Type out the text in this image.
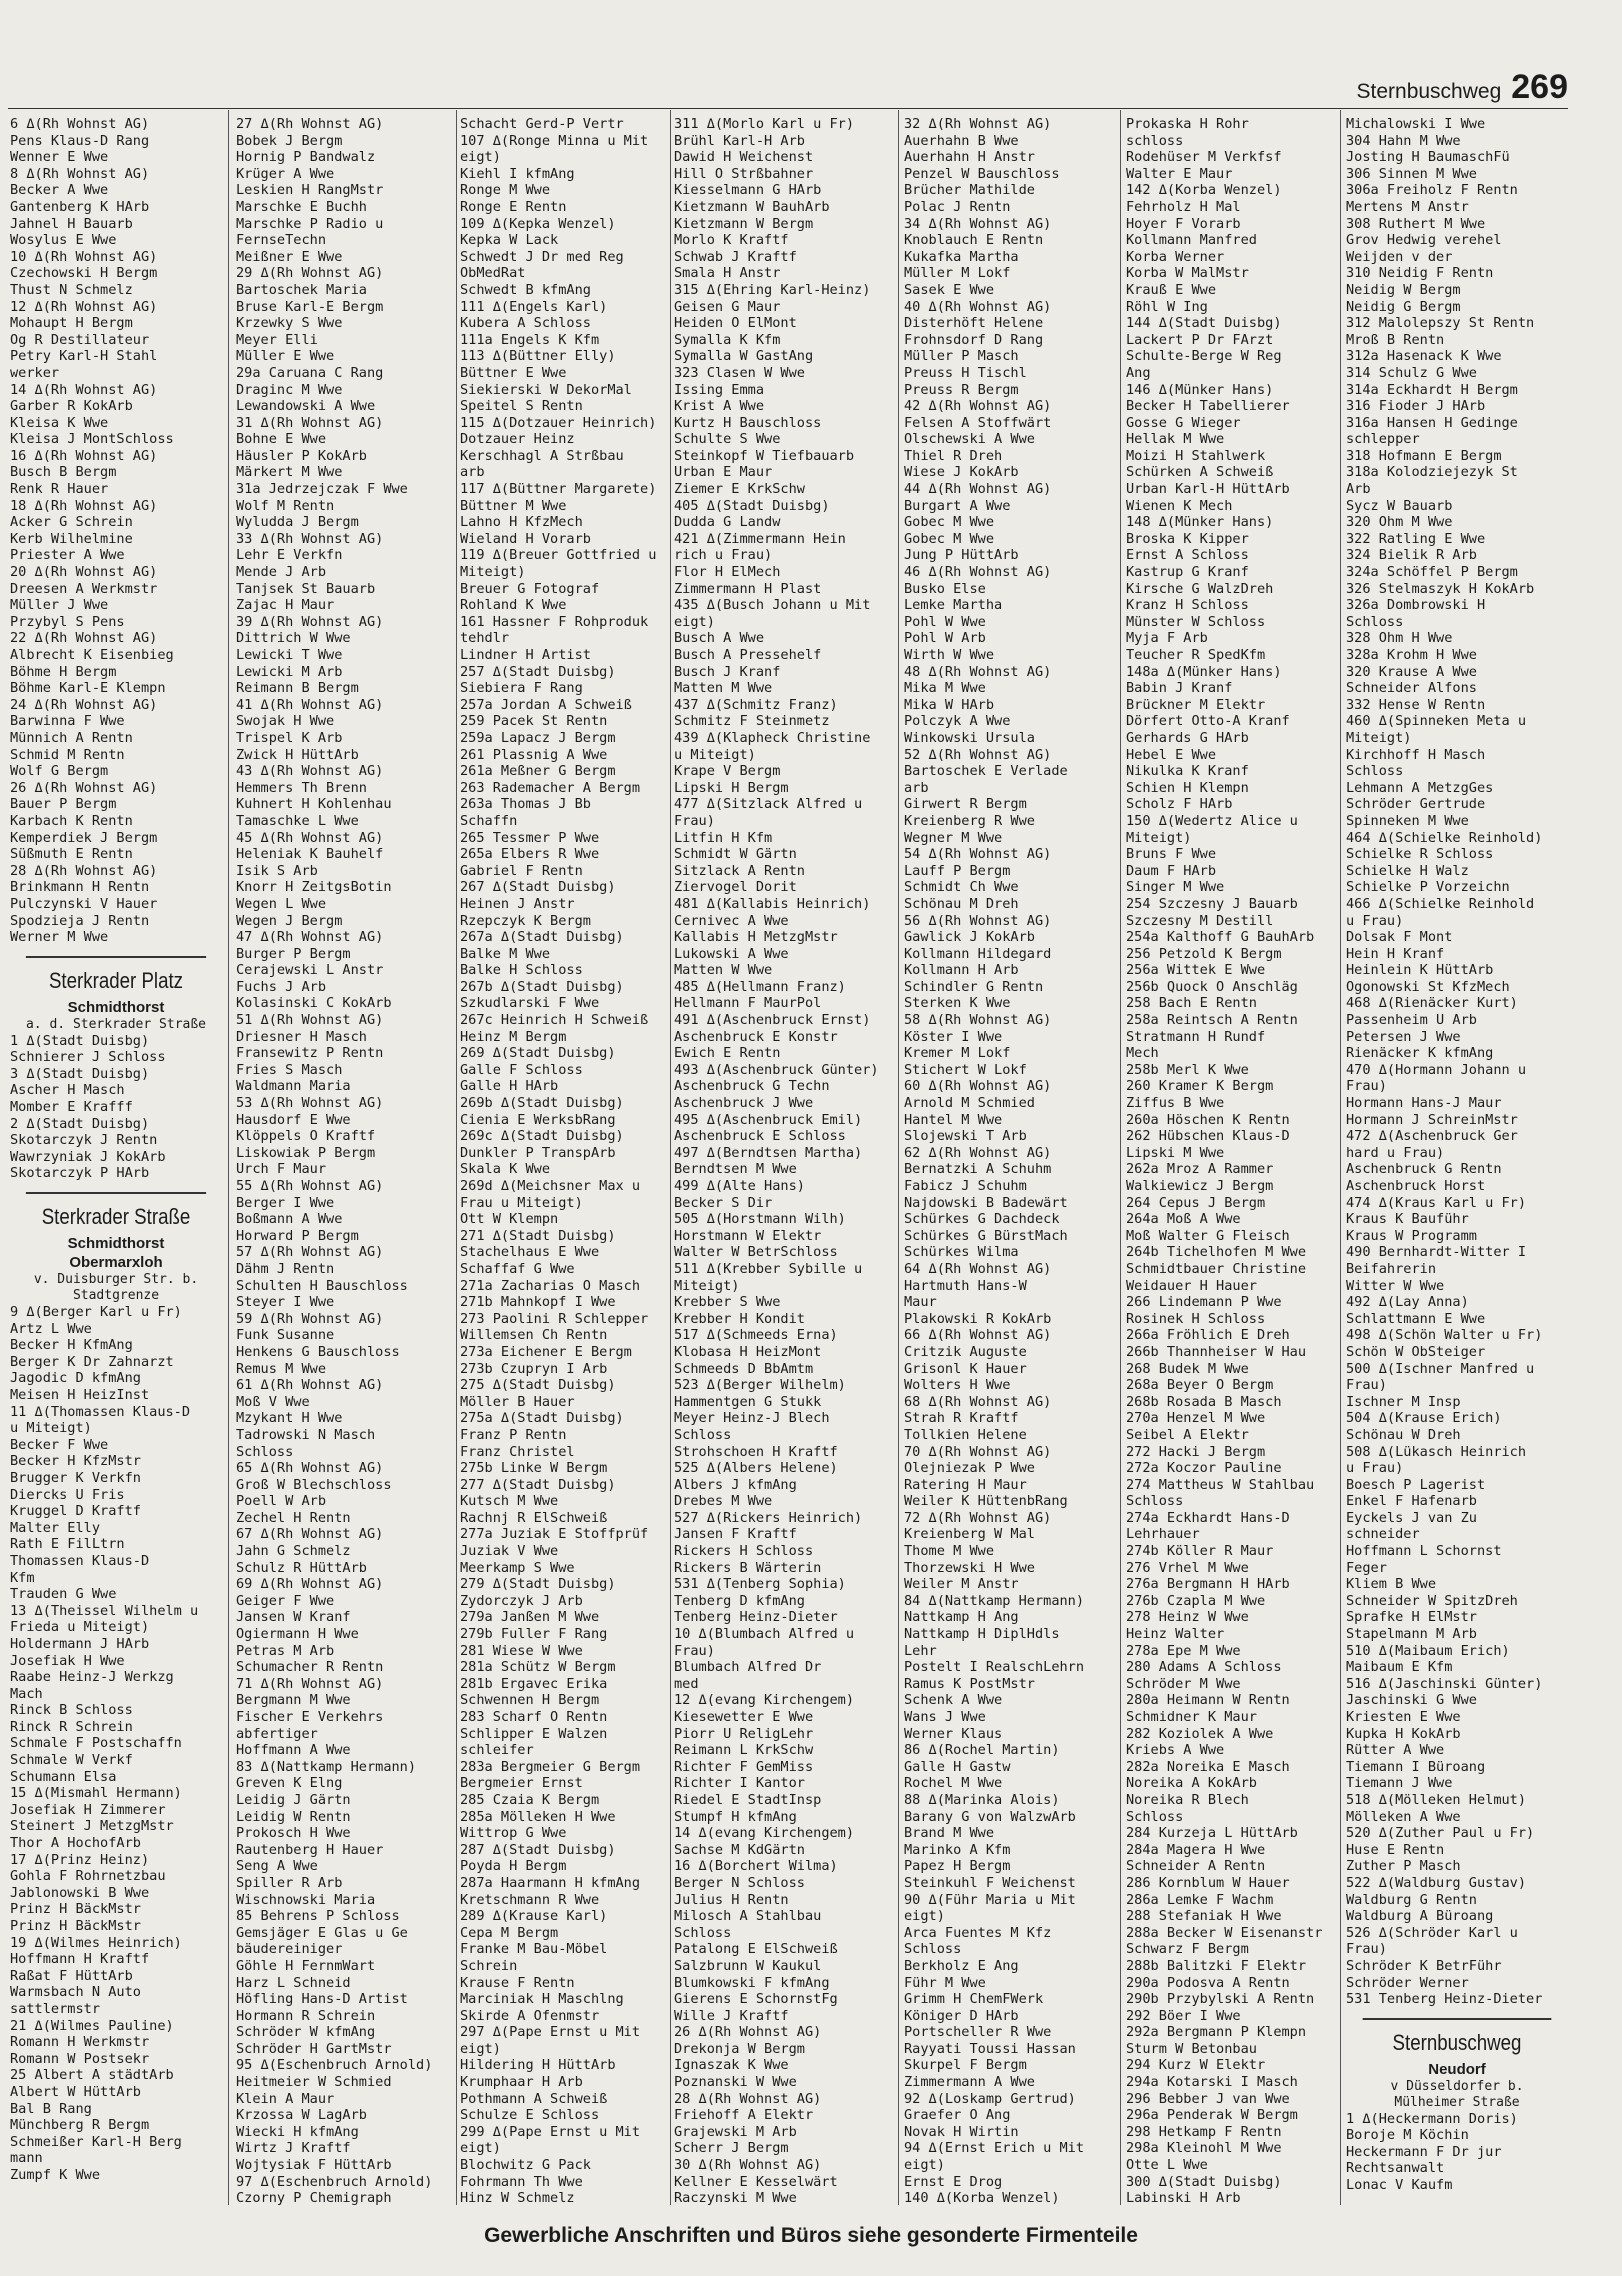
Sternbuschweg 269
6 Δ(Rh Wohnst AG)
Pens Klaus-D Rang
Wenner E Wwe
8 Δ(Rh Wohnst AG)
Becker A Wwe
Gantenberg K HArb
Jahnel H Bauarb
Wosylus E Wwe
10 Δ(Rh Wohnst AG)
Czechowski H Bergm
Thust N Schmelz
12 Δ(Rh Wohnst AG)
Mohaupt H Bergm
Og R Destillateur
Petry Karl-H Stahl
werker
14 Δ(Rh Wohnst AG)
Garber R KokArb
Kleisa K Wwe
Kleisa J MontSchloss
16 Δ(Rh Wohnst AG)
Busch B Bergm
Renk R Hauer
18 Δ(Rh Wohnst AG)
Acker G Schrein
Kerb Wilhelmine
Priester A Wwe
20 Δ(Rh Wohnst AG)
Dreesen A Werkmstr
Müller J Wwe
Przybyl S Pens
22 Δ(Rh Wohnst AG)
Albrecht K Eisenbieg
Böhme H Bergm
Böhme Karl-E Klempn
24 Δ(Rh Wohnst AG)
Barwinna F Wwe
Münnich A Rentn
Schmid M Rentn
Wolf G Bergm
26 Δ(Rh Wohnst AG)
Bauer P Bergm
Karbach K Rentn
Kemperdiek J Bergm
Süßmuth E Rentn
28 Δ(Rh Wohnst AG)
Brinkmann H Rentn
Pulczynski V Hauer
Spodzieja J Rentn
Werner M Wwe
Sterkrader Platz
Schmidthorst
a. d. Sterkrader Straße
1 Δ(Stadt Duisbg)
Schnierer J Schloss
3 Δ(Stadt Duisbg)
Ascher H Masch
Momber E Krafff
2 Δ(Stadt Duisbg)
Skotarczyk J Rentn
Wawrzyniak J KokArb
Skotarczyk P HArb
Sterkrader Straße
Schmidthorst
Obermarxloh
v. Duisburger Str. b.
Stadtgrenze
9 Δ(Berger Karl u Fr)
Artz L Wwe
Becker H KfmAng
Berger K Dr Zahnarzt
Jagodic D kfmAng
Meisen H HeizInst
11 Δ(Thomassen Klaus-D
u Miteigt)
Becker F Wwe
Becker H KfzMstr
Brugger K Verkfn
Diercks U Fris
Kruggel D Kraftf
Malter Elly
Rath E FilLtrn
Thomassen Klaus-D
Kfm
Trauden G Wwe
13 Δ(Theissel Wilhelm u
Frieda u Miteigt)
Holdermann J HArb
Josefiak H Wwe
Raabe Heinz-J Werkzg
Mach
Rinck B Schloss
Rinck R Schrein
Schmale F Postschaffn
Schmale W Verkf
Schumann Elsa
15 Δ(Mismahl Hermann)
Josefiak H Zimmerer
Steinert J MetzgMstr
Thor A HochofArb
17 Δ(Prinz Heinz)
Gohla F Rohrnetzbau
Jablonowski B Wwe
Prinz H BäckMstr
Prinz H BäckMstr
19 Δ(Wilmes Heinrich)
Hoffmann H Kraftf
Raßat F HüttArb
Warmsbach N Auto
sattlermstr
21 Δ(Wilmes Pauline)
Romann H Werkmstr
Romann W Postsekr
25 Albert A städtArb
Albert W HüttArb
Bal B Rang
Münchberg R Bergm
Schmeißer Karl-H Berg
mann
Zumpf K Wwe
27 Δ(Rh Wohnst AG)
Bobek J Bergm
Hornig P Bandwalz
Krüger A Wwe
Leskien H RangMstr
Marschke E Buchh
Marschke P Radio u
FernseTechn
Meißner E Wwe
29 Δ(Rh Wohnst AG)
Bartoschek Maria
Bruse Karl-E Bergm
Krzewky S Wwe
Meyer Elli
Müller E Wwe
29a Caruana C Rang
Draginc M Wwe
Lewandowski A Wwe
31 Δ(Rh Wohnst AG)
Bohne E Wwe
Häusler P KokArb
Märkert M Wwe
31a Jedrzejczak F Wwe
Wolf M Rentn
Wyludda J Bergm
33 Δ(Rh Wohnst AG)
Lehr E Verkfn
Mende J Arb
Tanjsek St Bauarb
Zajac H Maur
39 Δ(Rh Wohnst AG)
Dittrich W Wwe
Lewicki T Wwe
Lewicki M Arb
Reimann B Bergm
41 Δ(Rh Wohnst AG)
Swojak H Wwe
Trispel K Arb
Zwick H HüttArb
43 Δ(Rh Wohnst AG)
Hemmers Th Brenn
Kuhnert H Kohlenhau
Tamaschke L Wwe
45 Δ(Rh Wohnst AG)
Heleniak K Bauhelf
Isik S Arb
Knorr H ZeitgsBotin
Wegen L Wwe
Wegen J Bergm
47 Δ(Rh Wohnst AG)
Burger P Bergm
Cerajewski L Anstr
Fuchs J Arb
Kolasinski C KokArb
51 Δ(Rh Wohnst AG)
Driesner H Masch
Fransewitz P Rentn
Fries S Masch
Waldmann Maria
53 Δ(Rh Wohnst AG)
Hausdorf E Wwe
Klöppels O Kraftf
Liskowiak P Bergm
Urch F Maur
55 Δ(Rh Wohnst AG)
Berger I Wwe
Boßmann A Wwe
Horward P Bergm
57 Δ(Rh Wohnst AG)
Dähm J Rentn
Schulten H Bauschloss
Steyer I Wwe
59 Δ(Rh Wohnst AG)
Funk Susanne
Henkens G Bauschloss
Remus M Wwe
61 Δ(Rh Wohnst AG)
Moß V Wwe
Mzykant H Wwe
Tadrowski N Masch
Schloss
65 Δ(Rh Wohnst AG)
Groß W Blechschloss
Poell W Arb
Zechel H Rentn
67 Δ(Rh Wohnst AG)
Jahn G Schmelz
Schulz R HüttArb
69 Δ(Rh Wohnst AG)
Geiger F Wwe
Jansen W Kranf
Ogiermann H Wwe
Petras M Arb
Schumacher R Rentn
71 Δ(Rh Wohnst AG)
Bergmann M Wwe
Fischer E Verkehrs
abfertiger
Hoffmann A Wwe
83 Δ(Nattkamp Hermann)
Greven K Elng
Leidig J Gärtn
Leidig W Rentn
Prokosch H Wwe
Rautenberg H Hauer
Seng A Wwe
Spiller R Arb
Wischnowski Maria
85 Behrens P Schloss
Gemsjäger E Glas u Ge
bäudereiniger
Göhle H FernmWart
Harz L Schneid
Höfling Hans-D Artist
Hormann R Schrein
Schröder W kfmAng
Schröder H GartMstr
95 Δ(Eschenbruch Arnold)
Heitmeier W Schmied
Klein A Maur
Krzossa W LagArb
Wiecki H kfmAng
Wirtz J Kraftf
Wojtysiak F HüttArb
97 Δ(Eschenbruch Arnold)
Czorny P Chemigraph
Schacht Gerd-P Vertr
107 Δ(Ronge Minna u Mit
eigt)
Kiehl I kfmAng
Ronge M Wwe
Ronge E Rentn
109 Δ(Kepka Wenzel)
Kepka W Lack
Schwedt J Dr med Reg
ObMedRat
Schwedt B kfmAng
111 Δ(Engels Karl)
Kubera A Schloss
111a Engels K Kfm
113 Δ(Büttner Elly)
Büttner E Wwe
Siekierski W DekorMal
Speitel S Rentn
115 Δ(Dotzauer Heinrich)
Dotzauer Heinz
Kerschhagl A Strßbau
arb
117 Δ(Büttner Margarete)
Büttner M Wwe
Lahno H KfzMech
Wieland H Vorarb
119 Δ(Breuer Gottfried u
Miteigt)
Breuer G Fotograf
Rohland K Wwe
161 Hassner F Rohproduk
tehdlr
Lindner H Artist
257 Δ(Stadt Duisbg)
Siebiera F Rang
257a Jordan A Schweiß
259 Pacek St Rentn
259a Lapacz J Bergm
261 Plassnig A Wwe
261a Meßner G Bergm
263 Rademacher A Bergm
263a Thomas J Bb
Schaffn
265 Tessmer P Wwe
265a Elbers R Wwe
Gabriel F Rentn
267 Δ(Stadt Duisbg)
Heinen J Anstr
Rzepczyk K Bergm
267a Δ(Stadt Duisbg)
Balke M Wwe
Balke H Schloss
267b Δ(Stadt Duisbg)
Szkudlarski F Wwe
267c Heinrich H Schweiß
Heinz M Bergm
269 Δ(Stadt Duisbg)
Galle F Schloss
Galle H HArb
269b Δ(Stadt Duisbg)
Cienia E WerksbRang
269c Δ(Stadt Duisbg)
Dunkler P TranspArb
Skala K Wwe
269d Δ(Meichsner Max u
Frau u Miteigt)
Ott W Klempn
271 Δ(Stadt Duisbg)
Stachelhaus E Wwe
Schaffaf G Wwe
271a Zacharias O Masch
271b Mahnkopf I Wwe
273 Paolini R Schlepper
Willemsen Ch Rentn
273a Eichener E Bergm
273b Czupryn I Arb
275 Δ(Stadt Duisbg)
Möller B Hauer
275a Δ(Stadt Duisbg)
Franz P Rentn
Franz Christel
275b Linke W Bergm
277 Δ(Stadt Duisbg)
Kutsch M Wwe
Rachnj R ElSchweiß
277a Juziak E Stoffprüf
Juziak V Wwe
Meerkamp S Wwe
279 Δ(Stadt Duisbg)
Zydorczyk J Arb
279a Janßen M Wwe
279b Fuller F Rang
281 Wiese W Wwe
281a Schütz W Bergm
281b Ergavec Erika
Schwennen H Bergm
283 Scharf O Rentn
Schlipper E Walzen
schleifer
283a Bergmeier G Bergm
Bergmeier Ernst
285 Czaia K Bergm
285a Mölleken H Wwe
Wittrop G Wwe
287 Δ(Stadt Duisbg)
Poyda H Bergm
287a Haarmann H kfmAng
Kretschmann R Wwe
289 Δ(Krause Karl)
Cepa M Bergm
Franke M Bau-Möbel
Schrein
Krause F Rentn
Marciniak H Maschlng
Skirde A Ofenmstr
297 Δ(Pape Ernst u Mit
eigt)
Hildering H HüttArb
Krumphaar H Arb
Pothmann A Schweiß
Schulze E Schloss
299 Δ(Pape Ernst u Mit
eigt)
Blochwitz G Pack
Fohrmann Th Wwe
Hinz W Schmelz
311 Δ(Morlo Karl u Fr)
Brühl Karl-H Arb
Dawid H Weichenst
Hill O Strßbahner
Kiesselmann G HArb
Kietzmann W BauhArb
Kietzmann W Bergm
Morlo K Kraftf
Schwab J Kraftf
Smala H Anstr
315 Δ(Ehring Karl-Heinz)
Geisen G Maur
Heiden O ElMont
Symalla K Kfm
Symalla W GastAng
323 Clasen W Wwe
Issing Emma
Krist A Wwe
Kurtz H Bauschloss
Schulte S Wwe
Steinkopf W Tiefbauarb
Urban E Maur
Ziemer E KrkSchw
405 Δ(Stadt Duisbg)
Dudda G Landw
421 Δ(Zimmermann Hein
rich u Frau)
Flor H ElMech
Zimmermann H Plast
435 Δ(Busch Johann u Mit
eigt)
Busch A Wwe
Busch A Pressehelf
Busch J Kranf
Matten M Wwe
437 Δ(Schmitz Franz)
Schmitz F Steinmetz
439 Δ(Klapheck Christine
u Miteigt)
Krape V Bergm
Lipski H Bergm
477 Δ(Sitzlack Alfred u
Frau)
Litfin H Kfm
Schmidt W Gärtn
Sitzlack A Rentn
Ziervogel Dorit
481 Δ(Kallabis Heinrich)
Cernivec A Wwe
Kallabis H MetzgMstr
Lukowski A Wwe
Matten W Wwe
485 Δ(Hellmann Franz)
Hellmann F MaurPol
491 Δ(Aschenbruck Ernst)
Aschenbruck E Konstr
Ewich E Rentn
493 Δ(Aschenbruck Günter)
Aschenbruck G Techn
Aschenbruck J Wwe
495 Δ(Aschenbruck Emil)
Aschenbruck E Schloss
497 Δ(Berndtsen Martha)
Berndtsen M Wwe
499 Δ(Alte Hans)
Becker S Dir
505 Δ(Horstmann Wilh)
Horstmann W Elektr
Walter W BetrSchloss
511 Δ(Krebber Sybille u
Miteigt)
Krebber S Wwe
Krebber H Kondit
517 Δ(Schmeeds Erna)
Klobasa H HeizMont
Schmeeds D BbAmtm
523 Δ(Berger Wilhelm)
Hammentgen G Stukk
Meyer Heinz-J Blech
Schloss
Strohschoen H Kraftf
525 Δ(Albers Helene)
Albers J kfmAng
Drebes M Wwe
527 Δ(Rickers Heinrich)
Jansen F Kraftf
Rickers H Schloss
Rickers B Wärterin
531 Δ(Tenberg Sophia)
Tenberg D kfmAng
Tenberg Heinz-Dieter
10 Δ(Blumbach Alfred u
Frau)
Blumbach Alfred Dr
med
12 Δ(evang Kirchengem)
Kiesewetter E Wwe
Piorr U ReligLehr
Reimann L KrkSchw
Richter F GemMiss
Richter I Kantor
Riedel E StadtInsp
Stumpf H kfmAng
14 Δ(evang Kirchengem)
Sachse M KdGärtn
16 Δ(Borchert Wilma)
Berger N Schloss
Julius H Rentn
Milosch A Stahlbau
Schloss
Patalong E ElSchweiß
Salzbrunn W Kaukul
Blumkowski F kfmAng
Gierens E SchornstFg
Wille J Kraftf
26 Δ(Rh Wohnst AG)
Drekonja W Bergm
Ignaszak K Wwe
Poznanski W Wwe
28 Δ(Rh Wohnst AG)
Friehoff A Elektr
Grajewski M Arb
Scherr J Bergm
30 Δ(Rh Wohnst AG)
Kellner E Kesselwärt
Raczynski M Wwe
32 Δ(Rh Wohnst AG)
Auerhahn B Wwe
Auerhahn H Anstr
Penzel W Bauschloss
Brücher Mathilde
Polac J Rentn
34 Δ(Rh Wohnst AG)
Knoblauch E Rentn
Kukafka Martha
Müller M Lokf
Sasek E Wwe
40 Δ(Rh Wohnst AG)
Disterhöft Helene
Frohnsdorf D Rang
Müller P Masch
Preuss H Tischl
Preuss R Bergm
42 Δ(Rh Wohnst AG)
Felsen A Stoffwärt
Olschewski A Wwe
Thiel R Dreh
Wiese J KokArb
44 Δ(Rh Wohnst AG)
Burgart A Wwe
Gobec M Wwe
Gobec M Wwe
Jung P HüttArb
46 Δ(Rh Wohnst AG)
Busko Else
Lemke Martha
Pohl W Wwe
Pohl W Arb
Wirth W Wwe
48 Δ(Rh Wohnst AG)
Mika M Wwe
Mika W HArb
Polczyk A Wwe
Winkowski Ursula
52 Δ(Rh Wohnst AG)
Bartoschek E Verlade
arb
Girwert R Bergm
Kreienberg R Wwe
Wegner M Wwe
54 Δ(Rh Wohnst AG)
Lauff P Bergm
Schmidt Ch Wwe
Schönau M Dreh
56 Δ(Rh Wohnst AG)
Gawlick J KokArb
Kollmann Hildegard
Kollmann H Arb
Schindler G Rentn
Sterken K Wwe
58 Δ(Rh Wohnst AG)
Köster I Wwe
Kremer M Lokf
Stichert W Lokf
60 Δ(Rh Wohnst AG)
Arnold M Schmied
Hantel M Wwe
Slojewski T Arb
62 Δ(Rh Wohnst AG)
Bernatzki A Schuhm
Fabicz J Schuhm
Najdowski B Badewärt
Schürkes G Dachdeck
Schürkes G BürstMach
Schürkes Wilma
64 Δ(Rh Wohnst AG)
Hartmuth Hans-W
Maur
Plakowski R KokArb
66 Δ(Rh Wohnst AG)
Critzik Auguste
Grisonl K Hauer
Wolters H Wwe
68 Δ(Rh Wohnst AG)
Strah R Kraftf
Tollkien Helene
70 Δ(Rh Wohnst AG)
Olejniezak P Wwe
Ratering H Maur
Weiler K HüttenbRang
72 Δ(Rh Wohnst AG)
Kreienberg W Mal
Thome M Wwe
Thorzewski H Wwe
Weiler M Anstr
84 Δ(Nattkamp Hermann)
Nattkamp H Ang
Nattkamp H DiplHdls
Lehr
Postelt I RealschLehrn
Ramus K PostMstr
Schenk A Wwe
Wans J Wwe
Werner Klaus
86 Δ(Rochel Martin)
Galle H Gastw
Rochel M Wwe
88 Δ(Marinka Alois)
Barany G von WalzwArb
Brand M Wwe
Marinko A Kfm
Papez H Bergm
Steinkuhl F Weichenst
90 Δ(Führ Maria u Mit
eigt)
Arca Fuentes M Kfz
Schloss
Berkholz E Ang
Führ M Wwe
Grimm H ChemFWerk
Königer D HArb
Portscheller R Wwe
Rayyati Toussi Hassan
Skurpel F Bergm
Zimmermann A Wwe
92 Δ(Loskamp Gertrud)
Graefer O Ang
Novak H Wirtin
94 Δ(Ernst Erich u Mit
eigt)
Ernst E Drog
140 Δ(Korba Wenzel)
Prokaska H Rohr
schloss
Rodehüser M Verkfsf
Walter E Maur
142 Δ(Korba Wenzel)
Fehrholz H Mal
Hoyer F Vorarb
Kollmann Manfred
Korba Werner
Korba W MalMstr
Krauß E Wwe
Röhl W Ing
144 Δ(Stadt Duisbg)
Lackert P Dr FArzt
Schulte-Berge W Reg
Ang
146 Δ(Münker Hans)
Becker H Tabellierer
Gosse G Wieger
Hellak M Wwe
Moizi H Stahlwerk
Schürken A Schweiß
Urban Karl-H HüttArb
Wienen K Mech
148 Δ(Münker Hans)
Broska K Kipper
Ernst A Schloss
Kastrup G Kranf
Kirsche G WalzDreh
Kranz H Schloss
Münster W Schloss
Myja F Arb
Teucher R SpedKfm
148a Δ(Münker Hans)
Babin J Kranf
Brückner M Elektr
Dörfert Otto-A Kranf
Gerhards G HArb
Hebel E Wwe
Nikulka K Kranf
Schien H Klempn
Scholz F HArb
150 Δ(Wedertz Alice u
Miteigt)
Bruns F Wwe
Daum F HArb
Singer M Wwe
254 Szczesny J Bauarb
Szczesny M Destill
254a Kalthoff G BauhArb
256 Petzold K Bergm
256a Wittek E Wwe
256b Quock O Anschläg
258 Bach E Rentn
258a Reintsch A Rentn
Stratmann H Rundf
Mech
258b Merl K Wwe
260 Kramer K Bergm
Ziffus B Wwe
260a Höschen K Rentn
262 Hübschen Klaus-D
Lipski M Wwe
262a Mroz A Rammer
Walkiewicz J Bergm
264 Cepus J Bergm
264a Moß A Wwe
Moß Walter G Fleisch
264b Tichelhofen M Wwe
Schmidtbauer Christine
Weidauer H Hauer
266 Lindemann P Wwe
Rosinek H Schloss
266a Fröhlich E Dreh
266b Thannheiser W Hau
268 Budek M Wwe
268a Beyer O Bergm
268b Rosada B Masch
270a Henzel M Wwe
Seibel A Elektr
272 Hacki J Bergm
272a Koczor Pauline
274 Mattheus W Stahlbau
Schloss
274a Eckhardt Hans-D
Lehrhauer
274b Köller R Maur
276 Vrhel M Wwe
276a Bergmann H HArb
276b Czapla M Wwe
278 Heinz W Wwe
Heinz Walter
278a Epe M Wwe
280 Adams A Schloss
Schröder M Wwe
280a Heimann W Rentn
Schmidner K Maur
282 Koziolek A Wwe
Kriebs A Wwe
282a Noreika E Masch
Noreika A KokArb
Noreika R Blech
Schloss
284 Kurzeja L HüttArb
284a Magera H Wwe
Schneider A Rentn
286 Kornblum W Hauer
286a Lemke F Wachm
288 Stefaniak H Wwe
288a Becker W Eisenanstr
Schwarz F Bergm
288b Balitzki F Elektr
290a Podosva A Rentn
290b Przybylski A Rentn
292 Böer I Wwe
292a Bergmann P Klempn
Sturm W Betonbau
294 Kurz W Elektr
294a Kotarski I Masch
296 Bebber J van Wwe
296a Penderak W Bergm
298 Hetkamp F Rentn
298a Kleinohl M Wwe
Otte L Wwe
300 Δ(Stadt Duisbg)
Labinski H Arb
Michalowski I Wwe
304 Hahn M Wwe
Josting H BaumaschFü
306 Sinnen M Wwe
306a Freiholz F Rentn
Mertens M Anstr
308 Ruthert M Wwe
Grov Hedwig verehel
Weijden v der
310 Neidig F Rentn
Neidig W Bergm
Neidig G Bergm
312 Malolepszy St Rentn
Mroß B Rentn
312a Hasenack K Wwe
314 Schulz G Wwe
314a Eckhardt H Bergm
316 Fioder J HArb
316a Hansen H Gedinge
schlepper
318 Hofmann E Bergm
318a Kolodziejezyk St
Arb
Sycz W Bauarb
320 Ohm M Wwe
322 Ratling E Wwe
324 Bielik R Arb
324a Schöffel P Bergm
326 Stelmaszyk H KokArb
326a Dombrowski H
Schloss
328 Ohm H Wwe
328a Krohm H Wwe
320 Krause A Wwe
Schneider Alfons
332 Hense W Rentn
460 Δ(Spinneken Meta u
Miteigt)
Kirchhoff H Masch
Schloss
Lehmann A MetzgGes
Schröder Gertrude
Spinneken M Wwe
464 Δ(Schielke Reinhold)
Schielke R Schloss
Schielke H Walz
Schielke P Vorzeichn
466 Δ(Schielke Reinhold
u Frau)
Dolsak F Mont
Hein H Kranf
Heinlein K HüttArb
Ogonowski St KfzMech
468 Δ(Rienäcker Kurt)
Passenheim U Arb
Petersen J Wwe
Rienäcker K kfmAng
470 Δ(Hormann Johann u
Frau)
Hormann Hans-J Maur
Hormann J SchreinMstr
472 Δ(Aschenbruck Ger
hard u Frau)
Aschenbruck G Rentn
Aschenbruck Horst
474 Δ(Kraus Karl u Fr)
Kraus K Bauführ
Kraus W Programm
490 Bernhardt-Witter I
Beifahrerin
Witter W Wwe
492 Δ(Lay Anna)
Schlattmann E Wwe
498 Δ(Schön Walter u Fr)
Schön W ObSteiger
500 Δ(Ischner Manfred u
Frau)
Ischner M Insp
504 Δ(Krause Erich)
Schönau W Dreh
508 Δ(Lükasch Heinrich
u Frau)
Boesch P Lagerist
Enkel F Hafenarb
Eyckels J van Zu
schneider
Hoffmann L Schornst
Feger
Kliem B Wwe
Schneider W SpitzDreh
Sprafke H ElMstr
Stapelmann M Arb
510 Δ(Maibaum Erich)
Maibaum E Kfm
516 Δ(Jaschinski Günter)
Jaschinski G Wwe
Kriesten E Wwe
Kupka H KokArb
Rütter A Wwe
Tiemann I Büroang
Tiemann J Wwe
518 Δ(Mölleken Helmut)
Mölleken A Wwe
520 Δ(Zuther Paul u Fr)
Huse E Rentn
Zuther P Masch
522 Δ(Waldburg Gustav)
Waldburg G Rentn
Waldburg A Büroang
526 Δ(Schröder Karl u
Frau)
Schröder K BetrFühr
Schröder Werner
531 Tenberg Heinz-Dieter
Sternbuschweg
Neudorf
v Düsseldorfer b.
Mülheimer Straße
1 Δ(Heckermann Doris)
Boroje M Köchin
Heckermann F Dr jur
Rechtsanwalt
Lonac V Kaufm
Gewerbliche Anschriften und Büros siehe gesonderte Firmenteile
